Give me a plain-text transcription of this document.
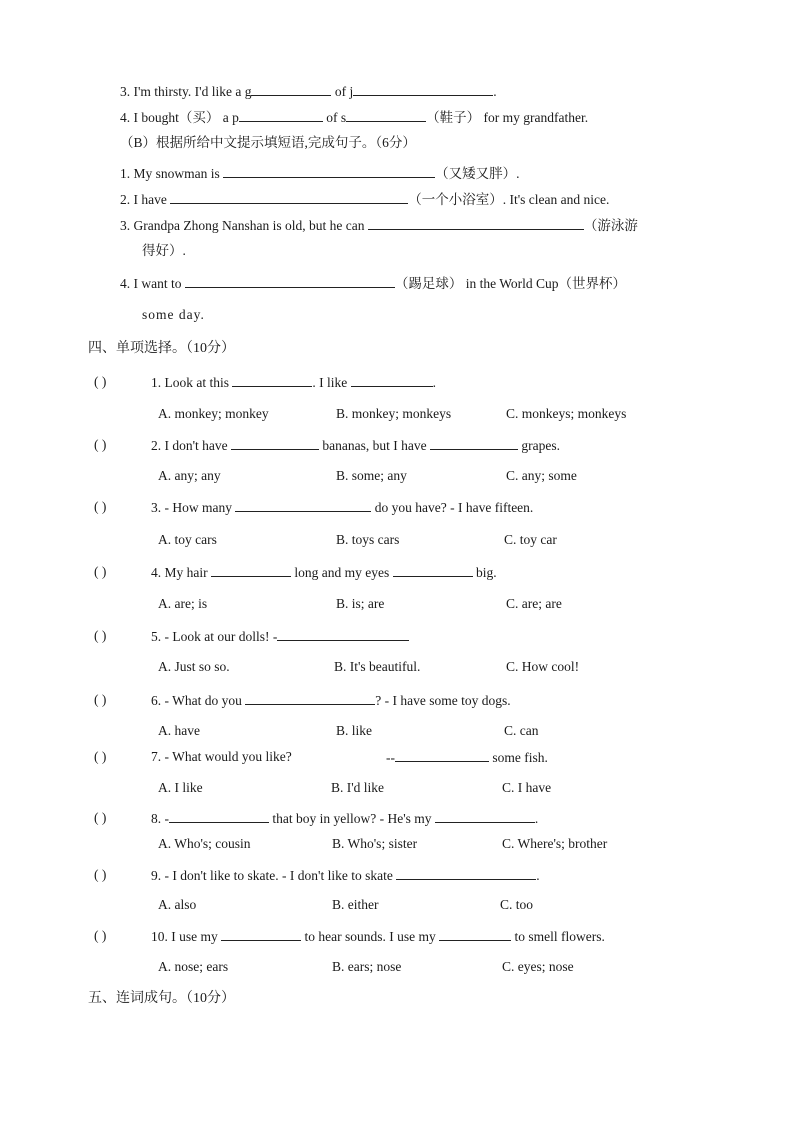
3. I'm thirsty. I'd like a g	of j	.
4. I bought（买） a p	of s	（鞋子） for my grandfather.
（B）根据所给中文提示填短语,完成句子。（6分）
1. My snowman is	（又矮又胖）.
2. I have	（一个小浴室）. It's clean and nice.
3. Grandpa Zhong Nanshan is old, but he can	（游泳游
得好）.
4. I want to	（踢足球） in the World Cup（世界杯）
some day.
四、单项选择。（10分）
( )	1. Look at this	. I like	.
A. monkey; monkey	B. monkey; monkeys	C. monkeys; monkeys
( )	2. I don't have	bananas, but I have	grapes.
A. any; any	B. some; any	C. any; some
( )	3. - How many	do you have? - I have fifteen.
A. toy cars	B. toys cars	C. toy car
( )	4. My hair	long and my eyes	big.
A. are; is	B. is; are	C. are; are
( )	5. - Look at our dolls! -
A. Just so so.	B. It's beautiful.	C. How cool!
( )	6. - What do you	? - I have some toy dogs.
A. have	B. like	C. can
( )	7. - What would you like?	--	some fish.
A. I like	B. I'd like	C. I have
( )	8. -	that boy in yellow? - He's my	.
A. Who's; cousin	B. Who's; sister	C. Where's; brother
( )	9. - I don't like to skate. - I don't like to skate	.
A. also	B. either	C. too
( )	10. I use my	to hear sounds. I use my	to smell flowers.
A. nose; ears	B. ears; nose	C. eyes; nose
五、连词成句。（10分）
